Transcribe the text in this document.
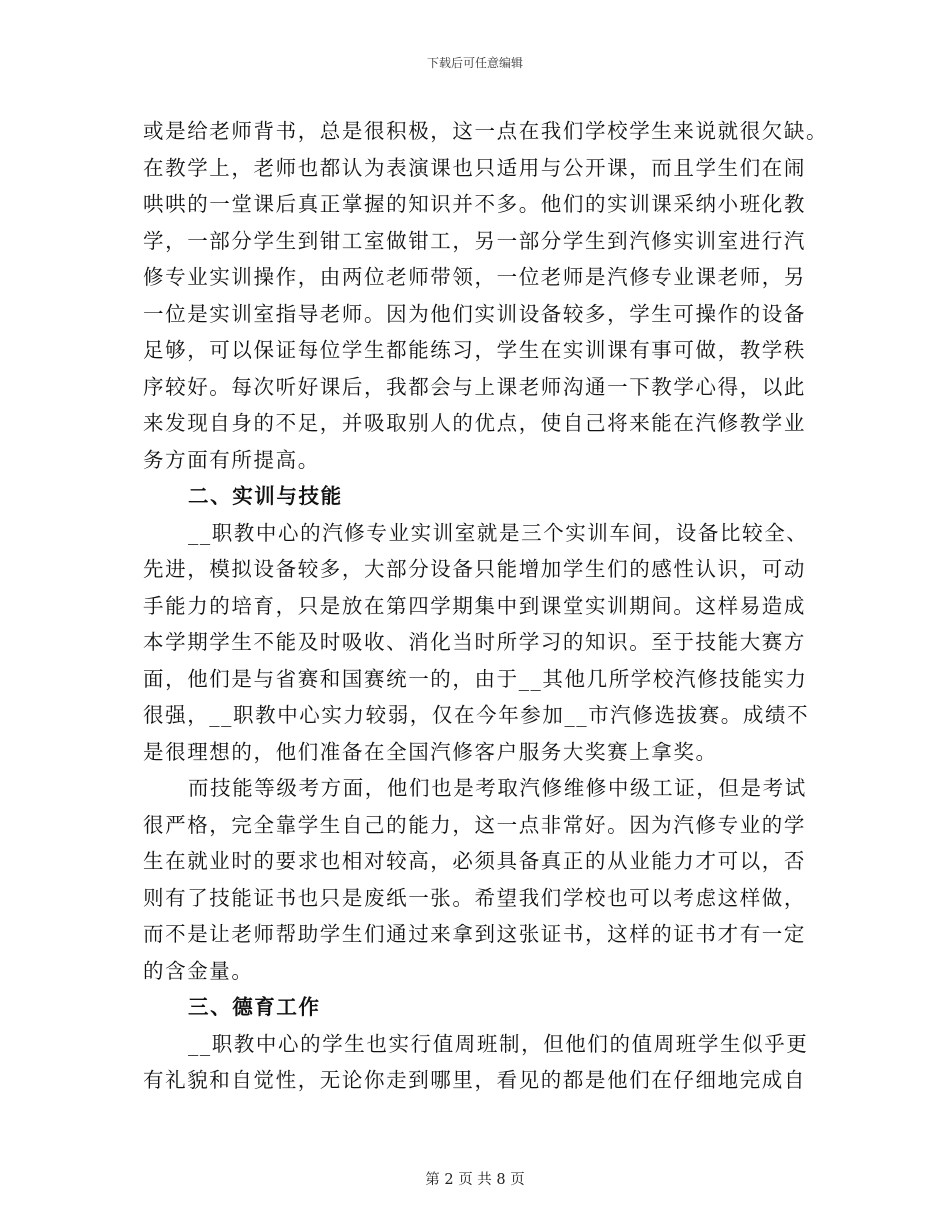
下载后可任意编辑
或是给老师背书，总是很积极，这一点在我们学校学生来说就很欠缺。
在教学上，老师也都认为表演课也只适用与公开课，而且学生们在闹
哄哄的一堂课后真正掌握的知识并不多。他们的实训课采纳小班化教
学，一部分学生到钳工室做钳工，另一部分学生到汽修实训室进行汽
修专业实训操作，由两位老师带领，一位老师是汽修专业课老师，另
一位是实训室指导老师。因为他们实训设备较多，学生可操作的设备
足够，可以保证每位学生都能练习，学生在实训课有事可做，教学秩
序较好。每次听好课后，我都会与上课老师沟通一下教学心得，以此
来发现自身的不足，并吸取别人的优点，使自己将来能在汽修教学业
务方面有所提高。
二、实训与技能
__职教中心的汽修专业实训室就是三个实训车间，设备比较全、
先进，模拟设备较多，大部分设备只能增加学生们的感性认识，可动
手能力的培育，只是放在第四学期集中到课堂实训期间。这样易造成
本学期学生不能及时吸收、消化当时所学习的知识。至于技能大赛方
面，他们是与省赛和国赛统一的，由于__其他几所学校汽修技能实力
很强，__职教中心实力较弱，仅在今年参加__市汽修选拔赛。成绩不
是很理想的，他们准备在全国汽修客户服务大奖赛上拿奖。
而技能等级考方面，他们也是考取汽修维修中级工证，但是考试
很严格，完全靠学生自己的能力，这一点非常好。因为汽修专业的学
生在就业时的要求也相对较高，必须具备真正的从业能力才可以，否
则有了技能证书也只是废纸一张。希望我们学校也可以考虑这样做，
而不是让老师帮助学生们通过来拿到这张证书，这样的证书才有一定
的含金量。
三、德育工作
__职教中心的学生也实行值周班制，但他们的值周班学生似乎更
有礼貌和自觉性，无论你走到哪里，看见的都是他们在仔细地完成自
第 2 页 共 8 页
